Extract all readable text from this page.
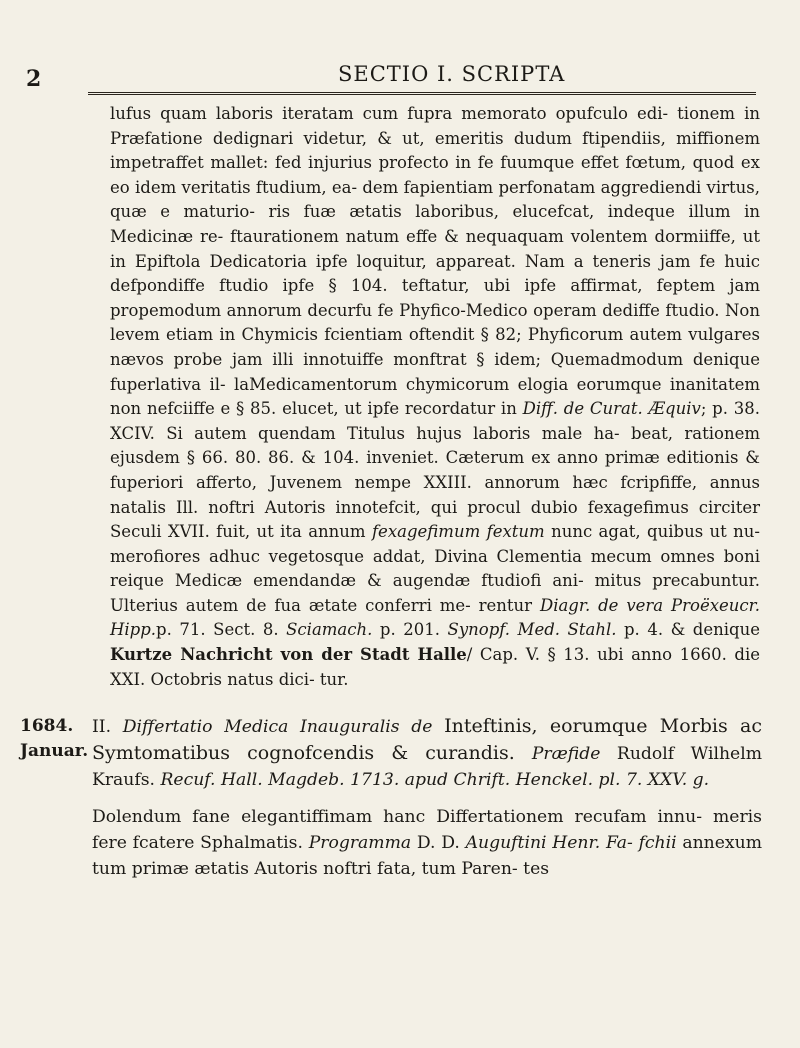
2	SECTIO I. SCRIPTA

lufus quam laboris iteratam cum fupra memorato opufculo edi- tionem in Præfatione dedignari videtur, & ut, emeritis dudum ftipendiis, miffionem impetraffet mallet: fed injurius profecto in fe fuumque effet fœtum, quod ex eo idem veritatis ftudium, ea- dem fapientiam perfonatam aggrediendi virtus, quæ e maturio- ris fuæ ætatis laboribus, elucefcat, indeque illum in Medicinæ re- ftaurationem natum effe & nequaquam volentem dormiiffe, ut in Epiftola Dedicatoria ipfe loquitur, appareat. Nam a teneris jam fe huic defpondiffe ftudio ipfe § 104. teftatur, ubi ipfe affirmat, feptem jam propemodum annorum decurfu fe Phyfico-Medico operam dediffe ftudio. Non levem etiam in Chymicis fcientiam oftendit § 82; Phyficorum autem vulgares nævos probe jam illi innotuiffe monftrat § idem; Quemadmodum denique fuperlativa il- laMedicamentorum chymicorum elogia eorumque inanitatem non nefciiffe e § 85. elucet, ut ipfe recordatur in Diff. de Curat. Æquiv; p. 38. XCIV. Si autem quendam Titulus hujus laboris male ha- beat, rationem ejusdem § 66. 80. 86. & 104. inveniet. Cæterum ex anno primæ editionis & fuperiori afferto, Juvenem nempe XXIII. annorum hæc fcripfiffe, annus natalis Ill. noftri Autoris innotefcit, qui procul dubio fexagefimus circiter Seculi XVII. fuit, ut ita annum fexagefimum fextum nunc agat, quibus ut nu- merofiores adhuc vegetosque addat, Divina Clementia mecum omnes boni reique Medicæ emendandæ & augendæ ftudiofi ani- mitus precabuntur. Ulterius autem de fua ætate conferri me- rentur Diagr. de vera Proëxeucr. Hipp.p. 71. Sect. 8. Sciamach. p. 201. Synopf. Med. Stahl. p. 4. & denique Kurtze Nachricht von der Stadt Halle/ Cap. V. § 13. ubi anno 1660. die XXI. Octobris natus dici- tur.

1684.
Januar.

II. Differtatio Medica Inauguralis de Inteftinis, eorumque Morbis ac Symtomatibus cognofcendis & curandis. Præfide Rudolf Wilhelm Kraufs. Recuf. Hall. Magdeb. 1713. apud Chrift. Henckel. pl. 7. XXV. g.

Dolendum fane elegantiffimam hanc Differtationem recufam innu- meris fere fcatere Sphalmatis. Programma D. D. Auguftini Henr. Fa- fchii annexum tum primæ ætatis Autoris noftri fata, tum Paren- tes
